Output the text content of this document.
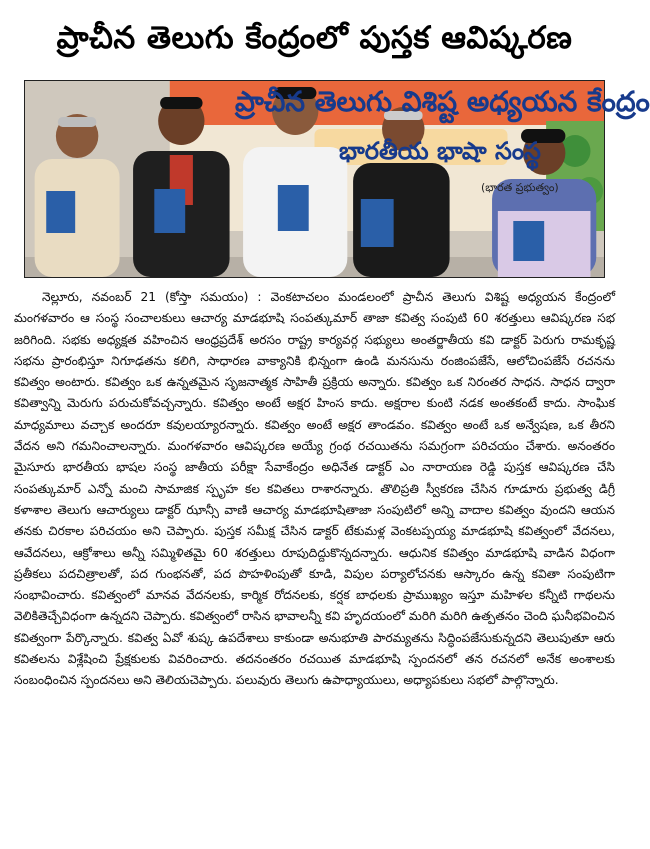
ప్రాచీన తెలుగు కేంద్రంలో పుస్తక ఆవిష్కరణ
ప్రాచీన తెలుగు విశిష్ట అధ్యయన కేంద్రం
భారతీయ భాషా సంస్థ
(భారత ప్రభుత్వం)
నెల్లూరు, నవంబర్ 21 (కోస్తా సమయం) : వెంకటాచలం మండలంలో ప్రాచీన తెలుగు విశిష్ట అధ్యయన కేంద్రంలో మంగళవారం ఆ సంస్థ సంచాలకులు ఆచార్య మాడభూషి సంపత్కుమార్ తాజా కవిత్వ సంపుటి 60 శరత్తులు ఆవిష్కరణ సభ జరిగింది. సభకు అధ్యక్షత వహించిన ఆంధ్రప్రదేశ్ అరసం రాష్ట్ర కార్యవర్గ సభ్యులు అంతర్జాతీయ కవి డాక్టర్ పెరుగు రామకృష్ణ సభను ప్రారంభిస్తూ నిగూఢతను కలిగి, సాధారణ వాక్యానికి భిన్నంగా ఉండి మనసును రంజింపజేసే, ఆలోచింపజేసే రచనను కవిత్వం అంటారు. కవిత్వం ఒక ఉన్నతమైన సృజనాత్మక సాహితీ ప్రక్రియ అన్నారు. కవిత్వం ఒక నిరంతర సాధన. సాధన ద్వారా కవిత్వాన్ని మెరుగు పరుచుకోవచ్చన్నారు. కవిత్వం అంటే అక్షర హింస కాదు. అక్షరాల కుంటి నడక అంతకంటే కాదు. సాంఘిక మాధ్యమాలు వచ్చాక అందరూ కవులయ్యారన్నారు. కవిత్వం అంటే అక్షర తాండవం. కవిత్వం అంటే ఒక అన్వేషణ, ఒక తీరని వేదన అని గమనించాలన్నారు. మంగళవారం ఆవిష్కరణ అయ్యే గ్రంథ రచయితను సమగ్రంగా పరిచయం చేశారు. అనంతరం మైసూరు భారతీయ భాషల సంస్థ జాతీయ పరీక్షా సేవాకేంద్రం అధినేత డాక్టర్ ఎం నారాయణ రెడ్డి పుస్తక ఆవిష్కరణ చేసి సంపత్కుమార్ ఎన్నో మంచి సామాజిక స్పృహ కల కవితలు రాశారన్నారు. తొలిప్రతి స్వీకరణ చేసిన గూడూరు ప్రభుత్వ డిగ్రీ కళాశాల తెలుగు ఆచార్యులు డాక్టర్ ఝాన్సీ వాణి ఆచార్య మాడభూషితాజా సంపుటిలో అన్ని వాదాల కవిత్వం వుందని ఆయన తనకు చిరకాల పరిచయం అని చెప్పారు. పుస్తక సమీక్ష చేసిన డాక్టర్ టేకుమళ్ల వెంకటప్పయ్య మాడభూషి కవిత్వంలో వేదనలు, ఆవేదనలు, ఆక్రోశాలు అన్నీ సమ్మిళితమై 60 శరత్తులు రూపుదిద్దుకొన్నదన్నారు. ఆధునిక కవిత్వం మాడభూషి వాడిన విధంగా ప్రతీకలు పదచిత్రాలతో, పద గుంభనతో, పద పొహళింపుతో కూడి, విపుల పర్యాలోచనకు ఆస్కారం ఉన్న కవితా సంపుటిగా సంభావించారు. కవిత్వంలో మానవ వేదనలకు, కార్మిక రోదనలకు, కర్షక బాధలకు ప్రాముఖ్యం ఇస్తూ మహిళల కన్నీటి గాథలను వెలికితెచ్చేవిధంగా ఉన్నదని చెప్పారు. కవిత్వంలో రాసిన భావాలన్నీ కవి హృదయంలో మరిగి మరిగి ఉత్పతనం చెంది ఘనీభవించిన కవిత్వంగా పేర్కొన్నారు. కవిత్వ ఏవో శుష్క ఉపదేశాలు కాకుండా అనుభూతి పారమ్యతను సిద్ధింపజేసుకున్నదని తెలుపుతూ ఆరు కవితలను విశ్లేషించి ప్రేక్షకులకు వివరించారు. తదనంతరం రచయిత మాడభూషి స్పందనలో తన రచనలో అనేక అంశాలకు సంబంధించిన స్పందనలు అని తెలియచెప్పారు. పలువురు తెలుగు ఉపాధ్యాయులు, అధ్యాపకులు సభలో పాల్గొన్నారు.
